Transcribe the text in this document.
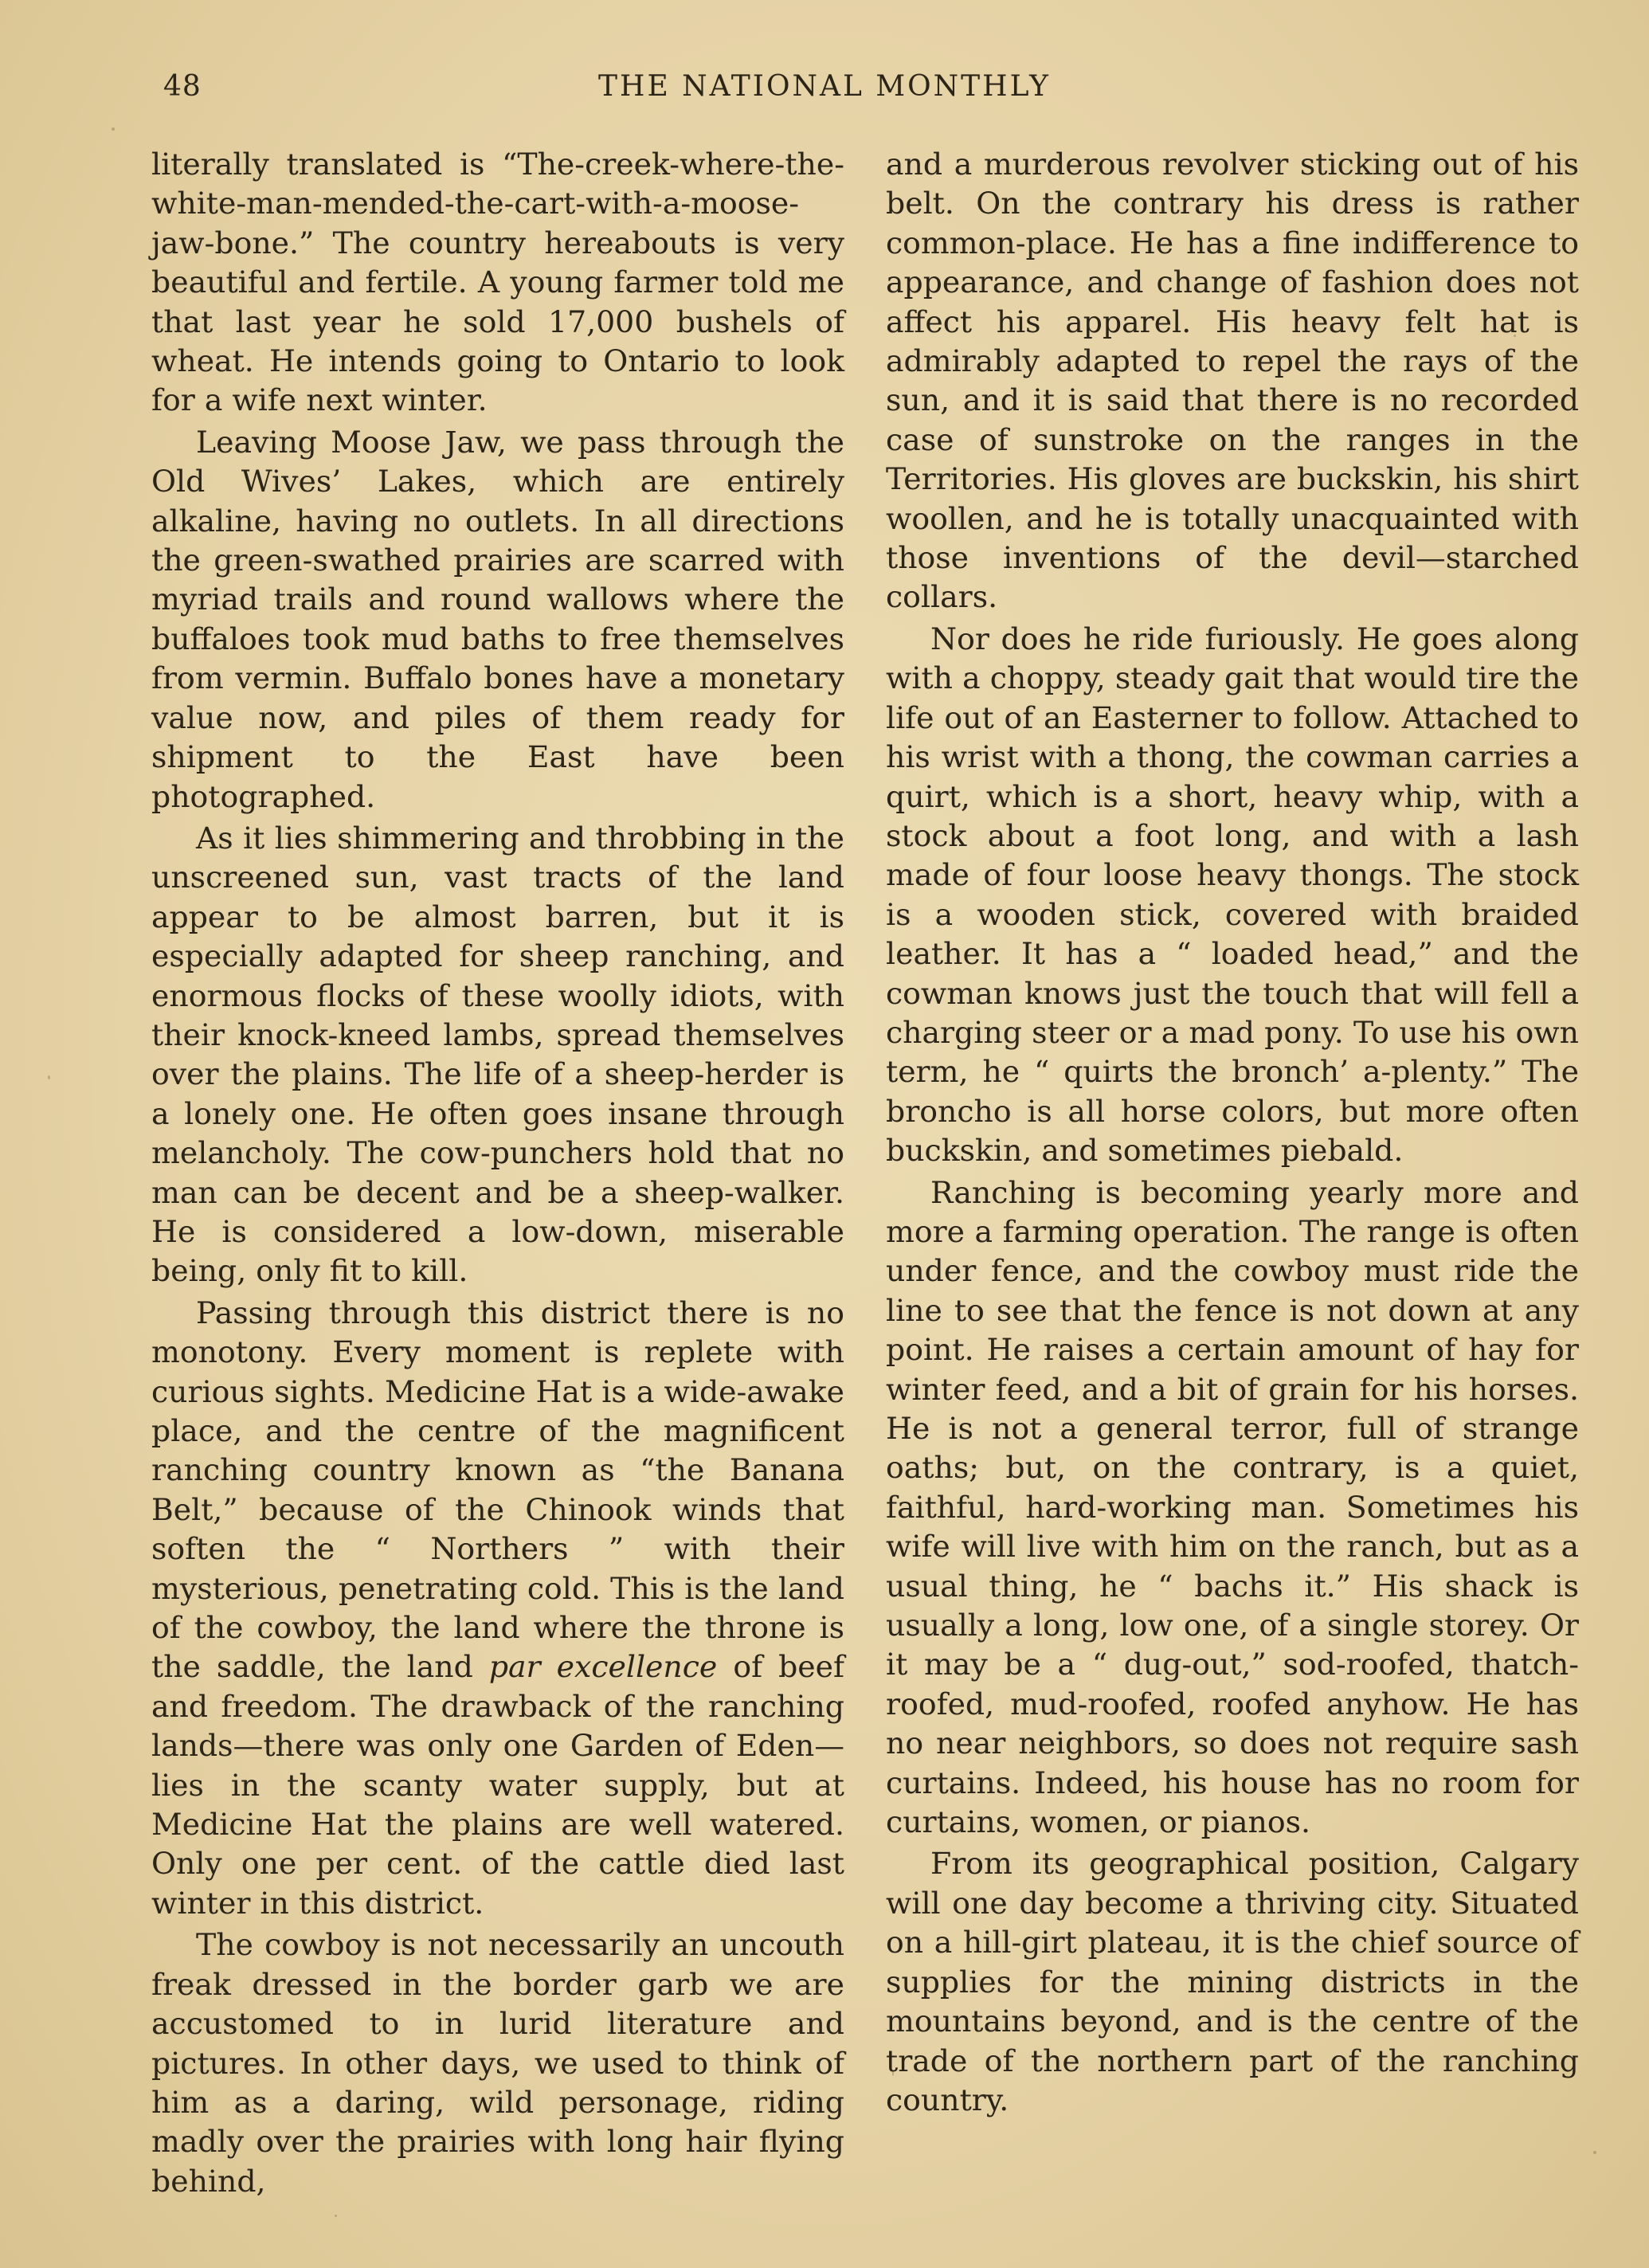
48	THE NATIONAL MONTHLY

literally translated is “The-creek-where-the-white-man-mended-the-cart-with-a-moose-jaw-bone.” The country hereabouts is very beautiful and fertile. A young farmer told me that last year he sold 17,000 bushels of wheat. He intends going to Ontario to look for a wife next winter.

Leaving Moose Jaw, we pass through the Old Wives’ Lakes, which are entirely alkaline, having no outlets. In all directions the green-swathed prairies are scarred with myriad trails and round wallows where the buffaloes took mud baths to free themselves from vermin. Buffalo bones have a monetary value now, and piles of them ready for shipment to the East have been photographed.

As it lies shimmering and throbbing in the unscreened sun, vast tracts of the land appear to be almost barren, but it is especially adapted for sheep ranching, and enormous flocks of these woolly idiots, with their knock-kneed lambs, spread themselves over the plains. The life of a sheep-herder is a lonely one. He often goes insane through melancholy. The cow-punchers hold that no man can be decent and be a sheep-walker. He is considered a low-down, miserable being, only fit to kill.

Passing through this district there is no monotony. Every moment is replete with curious sights. Medicine Hat is a wide-awake place, and the centre of the magnificent ranching country known as “the Banana Belt,” because of the Chinook winds that soften the “ Northers ” with their mysterious, penetrating cold. This is the land of the cowboy, the land where the throne is the saddle, the land par excellence of beef and freedom. The drawback of the ranching lands—there was only one Garden of Eden—lies in the scanty water supply, but at Medicine Hat the plains are well watered. Only one per cent. of the cattle died last winter in this district.

The cowboy is not necessarily an uncouth freak dressed in the border garb we are accustomed to in lurid literature and pictures. In other days, we used to think of him as a daring, wild personage, riding madly over the prairies with long hair flying behind,

and a murderous revolver sticking out of his belt. On the contrary his dress is rather common-place. He has a fine indifference to appearance, and change of fashion does not affect his apparel. His heavy felt hat is admirably adapted to repel the rays of the sun, and it is said that there is no recorded case of sunstroke on the ranges in the Territories. His gloves are buckskin, his shirt woollen, and he is totally unacquainted with those inventions of the devil—starched collars.

Nor does he ride furiously. He goes along with a choppy, steady gait that would tire the life out of an Easterner to follow. Attached to his wrist with a thong, the cowman carries a quirt, which is a short, heavy whip, with a stock about a foot long, and with a lash made of four loose heavy thongs. The stock is a wooden stick, covered with braided leather. It has a “ loaded head,” and the cowman knows just the touch that will fell a charging steer or a mad pony. To use his own term, he “ quirts the bronch’ a-plenty.” The broncho is all horse colors, but more often buckskin, and sometimes piebald.

Ranching is becoming yearly more and more a farming operation. The range is often under fence, and the cowboy must ride the line to see that the fence is not down at any point. He raises a certain amount of hay for winter feed, and a bit of grain for his horses. He is not a general terror, full of strange oaths; but, on the contrary, is a quiet, faithful, hard-working man. Sometimes his wife will live with him on the ranch, but as a usual thing, he “ bachs it.” His shack is usually a long, low one, of a single storey. Or it may be a “ dug-out,” sod-roofed, thatch-roofed, mud-roofed, roofed anyhow. He has no near neighbors, so does not require sash curtains. Indeed, his house has no room for curtains, women, or pianos.

From its geographical position, Calgary will one day become a thriving city. Situated on a hill-girt plateau, it is the chief source of supplies for the mining districts in the mountains beyond, and is the centre of the trade of the northern part of the ranching country.
